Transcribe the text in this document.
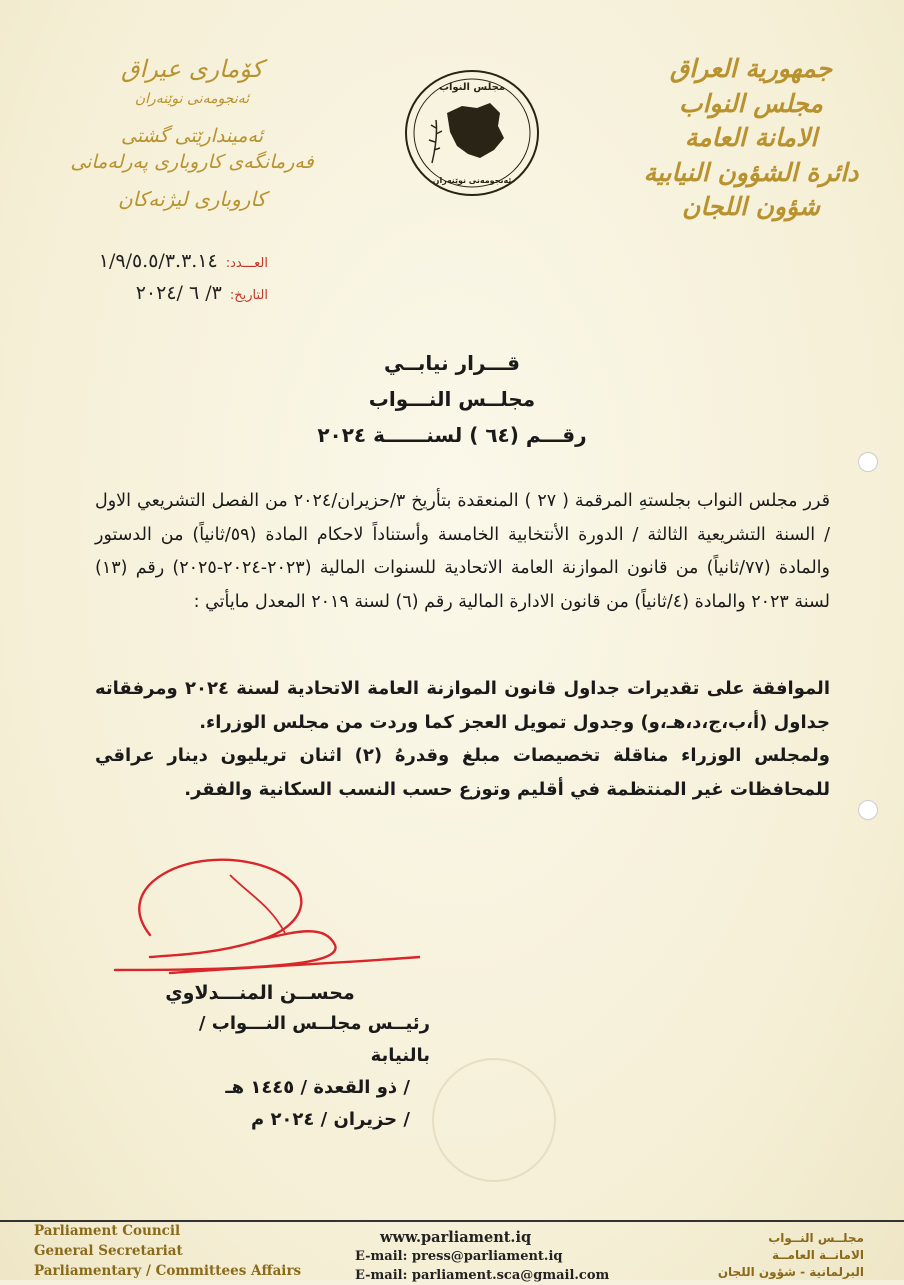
جمهورية العراق
مجلس النواب
الامانة العامة
دائرة الشؤون النيابية
شؤون اللجان
کۆماری عیراق
ئەنجومەنی نوێنەران
ئەمیندارێتی گشتی
فەرمانگەی کاروباری پەرلەمانی
کاروباری لیژنەکان
مجلس النواب
ئەنجومەنی نوێنەران
العـــدد:
١/٩/٥.٥/٣.٣.١٤
التاريخ:
٣/ ٦ /٢٠٢٤
قـــرار نيابــي
مجلــس النـــواب
رقـــم (٦٤ ) لسنــــــة ٢٠٢٤

قرر مجلس النواب بجلستهِ المرقمة ( ٢٧ ) المنعقدة بتأريخ ٣/حزيران/٢٠٢٤ من الفصل التشريعي الاول / السنة التشريعية الثالثة / الدورة الأنتخابية الخامسة وأستناداً لاحكام المادة (٥٩/ثانياً) من الدستور والمادة (٧٧/ثانياً) من قانون الموازنة العامة الاتحادية للسنوات المالية (٢٠٢٣-٢٠٢٤-٢٠٢٥) رقم (١٣) لسنة ٢٠٢٣ والمادة (٤/ثانياً) من قانون الادارة المالية رقم (٦) لسنة ٢٠١٩ المعدل مايأتي :

الموافقة على تقديرات جداول قانون الموازنة العامة الاتحادية لسنة ٢٠٢٤ ومرفقاته جداول (أ،ب،ج،د،هـ،و) وجدول تمويل العجز كما وردت من مجلس الوزراء.

ولمجلس الوزراء مناقلة تخصيصات مبلغ وقدرهُ (٢) اثنان تريليون دينار عراقي للمحافظات غير المنتظمة في أقليم وتوزع حسب النسب السكانية والفقر.

محســن المنـــدلاوي
رئيــس مجلــس النـــواب / بالنيابة
/ ذو القعدة / ١٤٤٥ هـ
/ حزيران / ٢٠٢٤ م
Parliament Council
General Secretariat
Parliamentary / Committees Affairs
www.parliament.iq
E-mail: press@parliament.iq
E-mail: parliament.sca@gmail.com
مجلــس النــواب
الامانــة العامــة
البرلمانية - شؤون اللجان
